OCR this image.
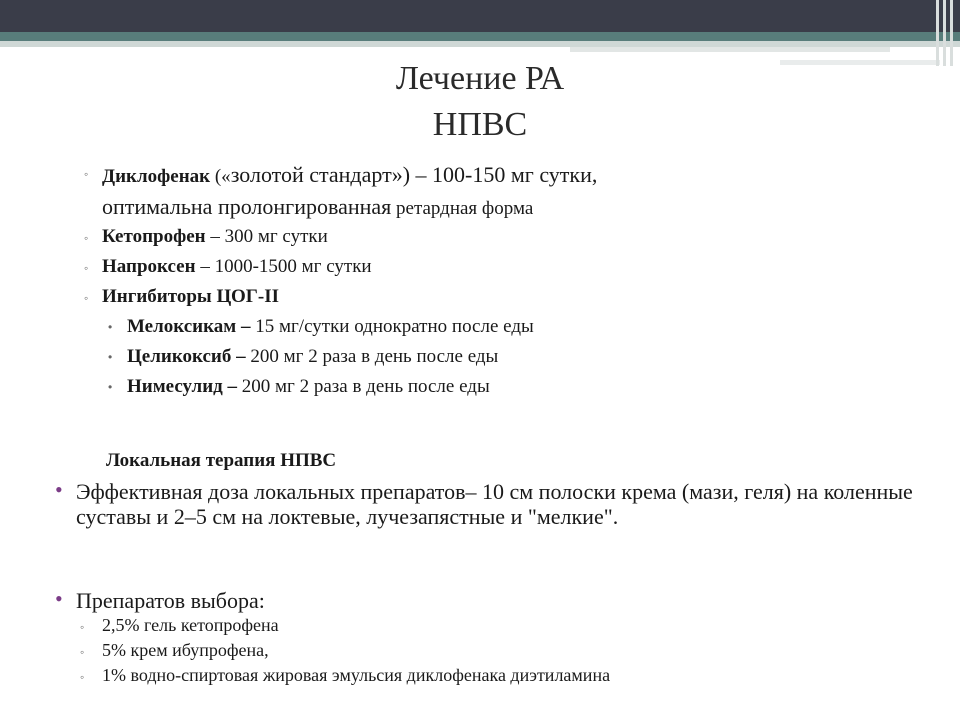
Лечение РА
НПВС
◦ Диклофенак («золотой стандарт») – 100-150 мг сутки,
оптимальна пролонгированная ретардная форма
◦ Кетопрофен – 300 мг сутки
◦ Напроксен – 1000-1500 мг сутки
◦ Ингибиторы ЦОГ-II
• Мелоксикам – 15 мг/сутки однократно после еды
• Целикоксиб – 200 мг 2 раза в день после еды
• Нимесулид – 200 мг 2 раза в день после еды
Локальная терапия НПВС
• Эффективная доза локальных препаратов– 10 см полоски крема (мази, геля) на коленные суставы и 2–5 см на локтевые, лучезапястные и "мелкие".
• Препаратов выбора:
◦ 2,5% гель кетопрофена
◦ 5% крем ибупрофена,
◦ 1% водно-спиртовая жировая эмульсия диклофенака диэтиламина
